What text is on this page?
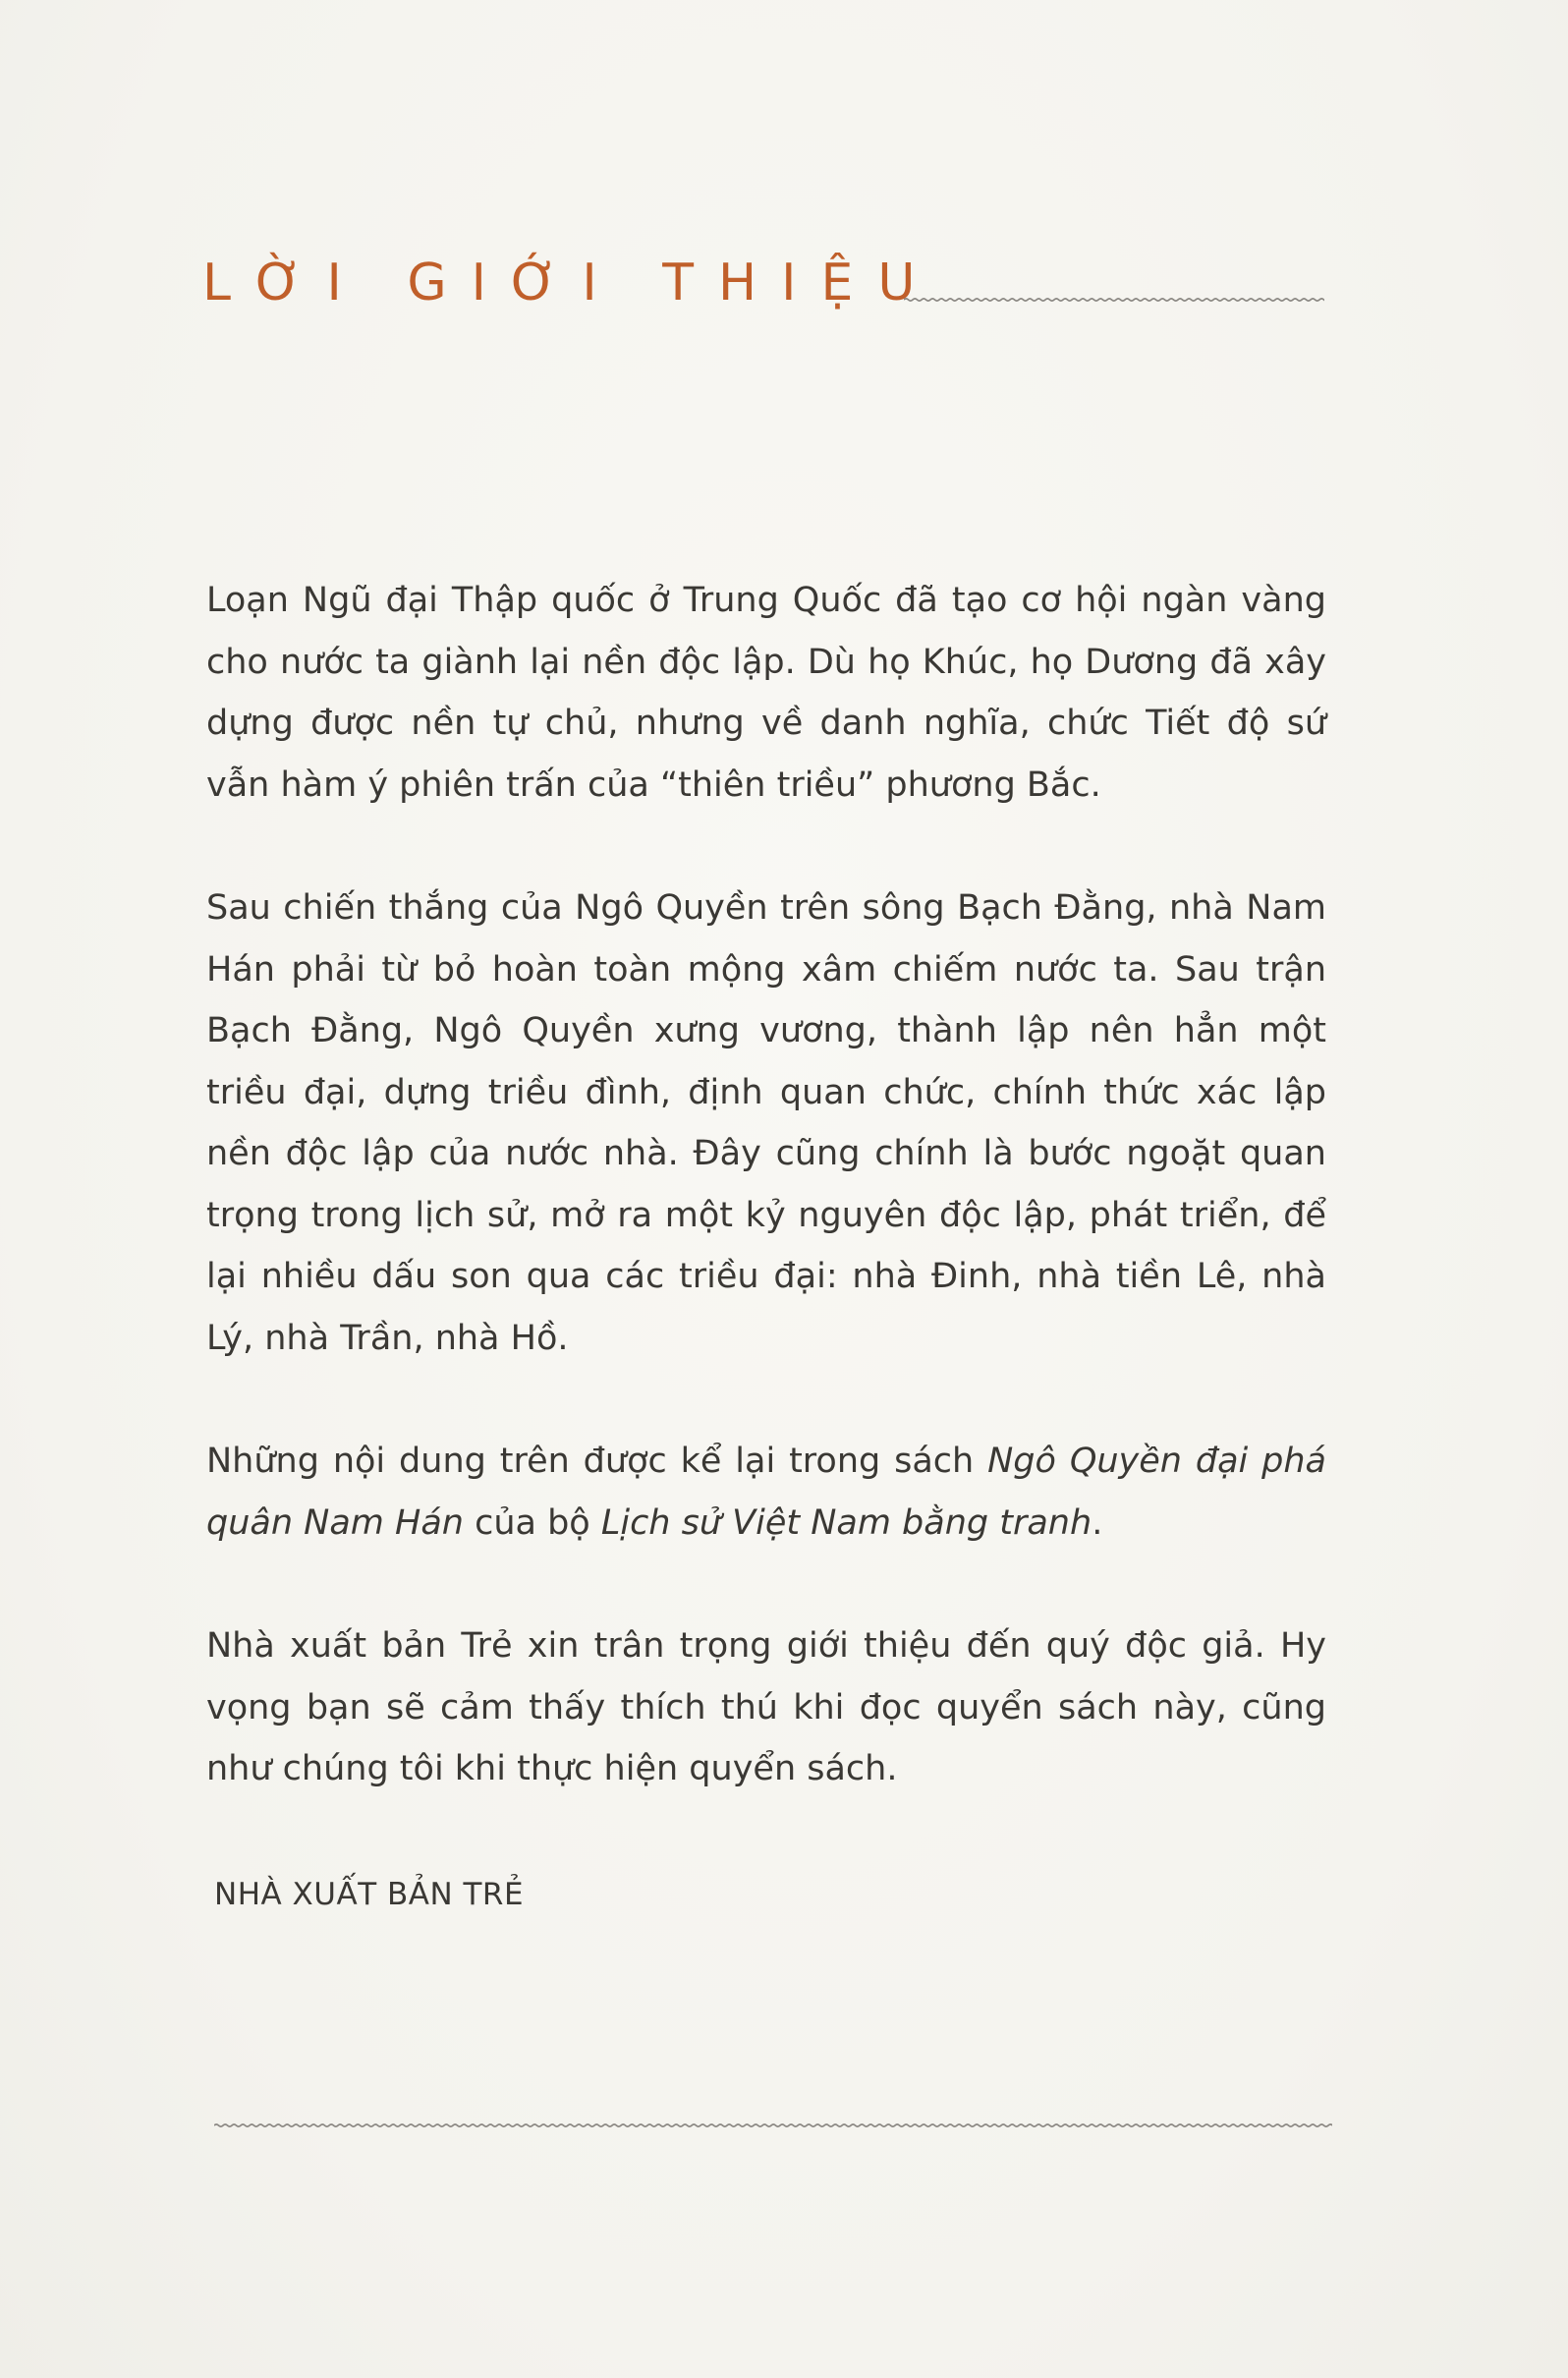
LỜI GIỚI THIỆU

Loạn Ngũ đại Thập quốc ở Trung Quốc đã tạo cơ hội ngàn vàng cho nước ta giành lại nền độc lập. Dù họ Khúc, họ Dương đã xây dựng được nền tự chủ, nhưng về danh nghĩa, chức Tiết độ sứ vẫn hàm ý phiên trấn của “thiên triều” phương Bắc.

Sau chiến thắng của Ngô Quyền trên sông Bạch Đằng, nhà Nam Hán phải từ bỏ hoàn toàn mộng xâm chiếm nước ta. Sau trận Bạch Đằng, Ngô Quyền xưng vương, thành lập nên hẳn một triều đại, dựng triều đình, định quan chức, chính thức xác lập nền độc lập của nước nhà. Đây cũng chính là bước ngoặt quan trọng trong lịch sử, mở ra một kỷ nguyên độc lập, phát triển, để lại nhiều dấu son qua các triều đại: nhà Đinh, nhà tiền Lê, nhà Lý, nhà Trần, nhà Hồ.

Những nội dung trên được kể lại trong sách Ngô Quyền đại phá quân Nam Hán của bộ Lịch sử Việt Nam bằng tranh.

Nhà xuất bản Trẻ xin trân trọng giới thiệu đến quý độc giả. Hy vọng bạn sẽ cảm thấy thích thú khi đọc quyển sách này, cũng như chúng tôi khi thực hiện quyển sách.

NHÀ XUẤT BẢN TRẺ
